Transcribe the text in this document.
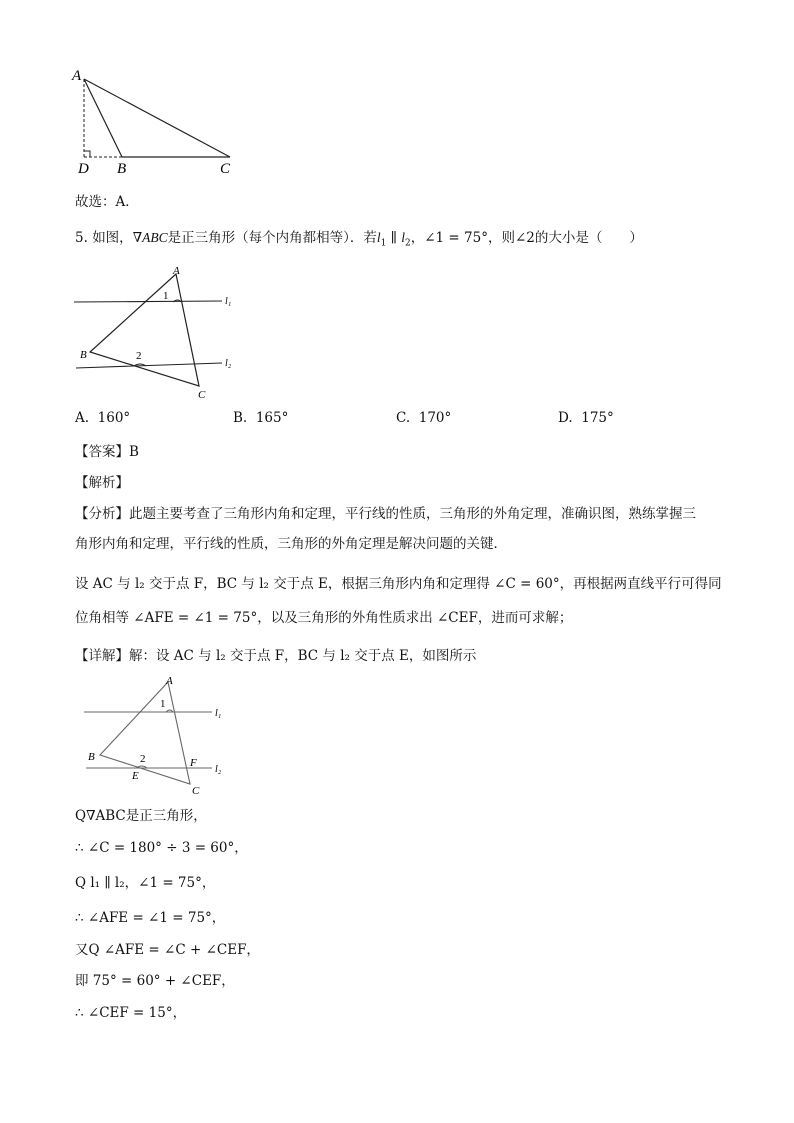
A
D B	C
故选：A．
5. 如图，∇ABC是正三角形（每个内角都相等）．若$l_1$ ∥ $l_2$，∠1 = 75°，则∠2的大小是（　　）
A
1	l₁
B	2
l₂
C
A. 160°	B. 165°	C. 170°	D. 175°
【答案】B
【解析】
【分析】此题主要考查了三角形内角和定理，平行线的性质，三角形的外角定理，准确识图，熟练掌握三
角形内角和定理，平行线的性质，三角形的外角定理是解决问题的关键．
设 AC 与 l₂ 交于点 F，BC 与 l₂ 交于点 E，根据三角形内角和定理得 ∠C = 60°，再根据两直线平行可得同
位角相等 ∠AFE = ∠1 = 75°，以及三角形的外角性质求出 ∠CEF，进而可求解；
【详解】解：设 AC 与 l₂ 交于点 F，BC 与 l₂ 交于点 E，如图所示
A
1
l₁
B	2	F
l₂
E
C
Q∇ABC是正三角形，
∴ ∠C = 180° ÷ 3 = 60°，
Q l₁ ∥ l₂，∠1 = 75°，
∴ ∠AFE = ∠1 = 75°，
又Q ∠AFE = ∠C + ∠CEF，
即 75° = 60° + ∠CEF，
∴ ∠CEF = 15°，
